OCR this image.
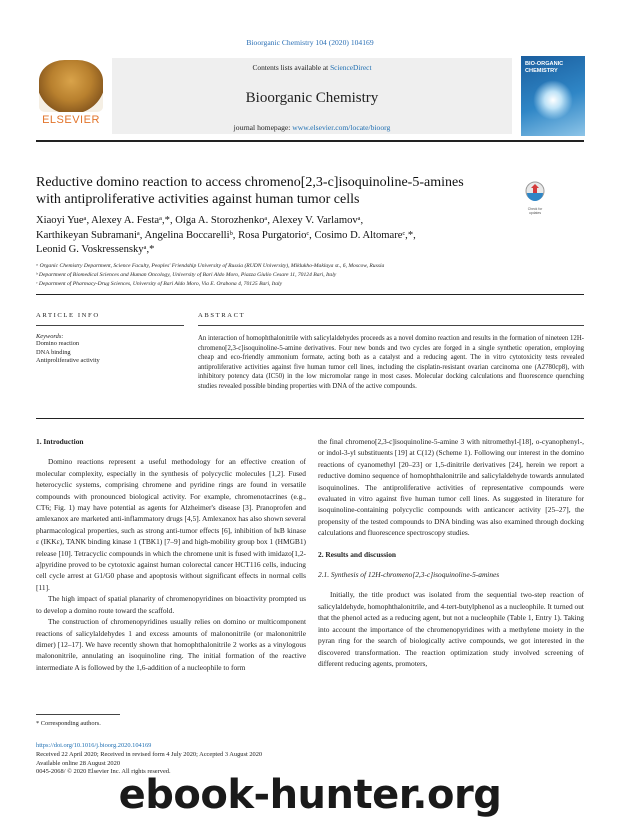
Bioorganic Chemistry 104 (2020) 104169
ELSEVIER
Contents lists available at ScienceDirect
Bioorganic Chemistry
journal homepage: www.elsevier.com/locate/bioorg
BIO-ORGANIC CHEMISTRY
Reductive domino reaction to access chromeno[2,3-c]isoquinoline-5-amines
with antiproliferative activities against human tumor cells
Check for updates
Xiaoyi Yueᵃ, Alexey A. Festaᵃ,*, Olga A. Storozhenkoᵃ, Alexey V. Varlamovᵃ,
Karthikeyan Subramaniᵃ, Angelina Boccarelliᵇ, Rosa Purgatorioᶜ, Cosimo D. Altomareᶜ,*,
Leonid G. Voskressenskyᵃ,*
ᵃ Organic Chemistry Department, Science Faculty, Peoples' Friendship University of Russia (RUDN University), Miklukho-Maklaya st., 6, Moscow, Russia
ᵇ Department of Biomedical Sciences and Human Oncology, University of Bari Aldo Moro, Piazza Giulio Cesare 11, 70124 Bari, Italy
ᶜ Department of Pharmacy-Drug Sciences, University of Bari Aldo Moro, Via E. Orabona 4, 70125 Bari, Italy
ARTICLE INFO
Keywords:
Domino reaction
DNA binding
Antiproliferative activity
ABSTRACT
An interaction of homophthalonitrile with salicylaldehydes proceeds as a novel domino reaction and results in the formation of nineteen 12H-chromeno[2,3-c]isoquinoline-5-amine derivatives. Four new bonds and two cycles are forged in a single synthetic operation, employing cheap and eco-friendly ammonium formate, acting both as a catalyst and a reducing agent. The in vitro cytotoxicity tests revealed antiproliferative activities against five human tumor cell lines, including the cisplatin-resistant ovarian carcinoma one (A2780cp8), with inhibitory potency data (IC50) in the low micromolar range in most cases. Molecular docking calculations and fluorescence quenching studies revealed possible binding properties with DNA of the active compounds.
1. Introduction

Domino reactions represent a useful methodology for an effective creation of molecular complexity, especially in the synthesis of polycyclic molecules [1,2]. Fused heterocyclic systems, comprising chromene and pyridine rings are found in versatile compounds with pronounced biological activity. For example, chromenotacrines (e.g., CT6; Fig. 1) may have potential as agents for Alzheimer's disease [3]. Pranoprofen and amlexanox are marketed anti-inflammatory drugs [4,5]. Amlexanox has also shown several pharmacological properties, such as strong anti-tumor effects [6], inhibition of IκB kinase ε (IKKε), TANK binding kinase 1 (TBK1) [7–9] and high-mobility group box 1 (HMGB1) release [10]. Tetracyclic compounds in which the chromene unit is fused with imidazo[1,2-a]pyridine proved to be cytotoxic against human colorectal cancer HCT116 cells, inducing cell cycle arrest at G1/G0 phase and apoptosis without significant effects in normal cells [11].

The high impact of spatial planarity of chromenopyridines on bioactivity prompted us to develop a domino route toward the scaffold.

The construction of chromenopyridines usually relies on domino or multicomponent reactions of salicylaldehydes 1 and excess amounts of malononitrile (or malononitrile dimer) [12–17]. We have recently shown that homophthalonitrile 2 works as a vinylogous malononitrile, annulating an isoquinoline ring. The initial formation of the reactive intermediate A is followed by the 1,6-addition of a nucleophile to form

the final chromeno[2,3-c]isoquinoline-5-amine 3 with nitromethyl-[18], o-cyanophenyl-, or indol-3-yl substituents [19] at C(12) (Scheme 1). Following our interest in the domino reactions of cyanomethyl [20–23] or 1,5-dinitrile derivatives [24], herein we report a reductive domino sequence of homophthalonitrile and salicylaldehyde towards annulated isoquinolines. The antiproliferative activities of representative compounds were evaluated in vitro against five human tumor cell lines. As suggested in literature for isoquinoline-containing polycyclic compounds with anticancer activity [25–27], the propensity of the tested compounds to DNA binding was also examined through docking calculations and fluorescence spectroscopy studies.

2. Results and discussion
2.1. Synthesis of 12H-chromeno[2,3-c]isoquinoline-5-amines

Initially, the title product was isolated from the sequential two-step reaction of salicylaldehyde, homophthalonitrile, and 4-tert-butylphenol as a nucleophile. It turned out that the phenol acted as a reducing agent, but not a nucleophile (Table 1, Entry 1). Taking into account the importance of the chromenopyridines with a methylene moiety in the pyran ring for the search of biologically active compounds, we got interested in the discovered transformation. The reaction optimization study involved screening of different reducing agents, promoters,

* Corresponding authors.
https://doi.org/10.1016/j.bioorg.2020.104169
Received 22 April 2020; Received in revised form 4 July 2020; Accepted 3 August 2020
Available online 28 August 2020
0045-2068/ © 2020 Elsevier Inc. All rights reserved.
ebook-hunter.org
